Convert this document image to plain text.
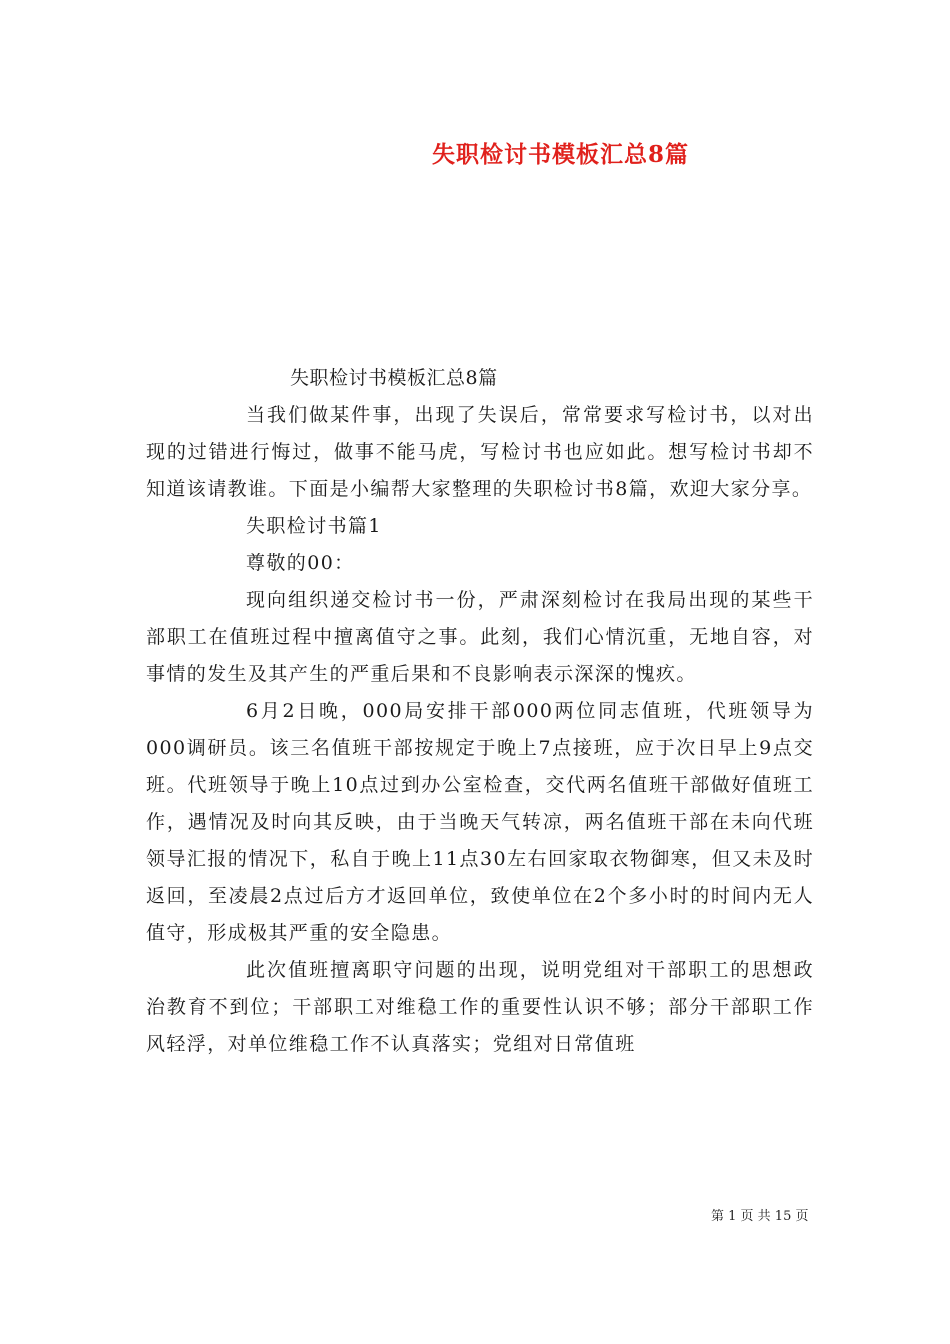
失职检讨书模板汇总8篇

失职检讨书模板汇总8篇

当我们做某件事，出现了失误后，常常要求写检讨书，以对出现的过错进行悔过，做事不能马虎，写检讨书也应如此。想写检讨书却不知道该请教谁。下面是小编帮大家整理的失职检讨书8篇，欢迎大家分享。

失职检讨书篇1

尊敬的00：

现向组织递交检讨书一份，严肃深刻检讨在我局出现的某些干部职工在值班过程中擅离值守之事。此刻，我们心情沉重，无地自容，对事情的发生及其产生的严重后果和不良影响表示深深的愧疚。

6月2日晚，000局安排干部000两位同志值班，代班领导为000调研员。该三名值班干部按规定于晚上7点接班，应于次日早上9点交班。代班领导于晚上10点过到办公室检查，交代两名值班干部做好值班工作，遇情况及时向其反映，由于当晚天气转凉，两名值班干部在未向代班领导汇报的情况下，私自于晚上11点30左右回家取衣物御寒，但又未及时返回，至凌晨2点过后方才返回单位，致使单位在2个多小时的时间内无人值守，形成极其严重的安全隐患。

此次值班擅离职守问题的出现，说明党组对干部职工的思想政治教育不到位；干部职工对维稳工作的重要性认识不够；部分干部职工作风轻浮，对单位维稳工作不认真落实；党组对日常值班

第 1 页 共 15 页
